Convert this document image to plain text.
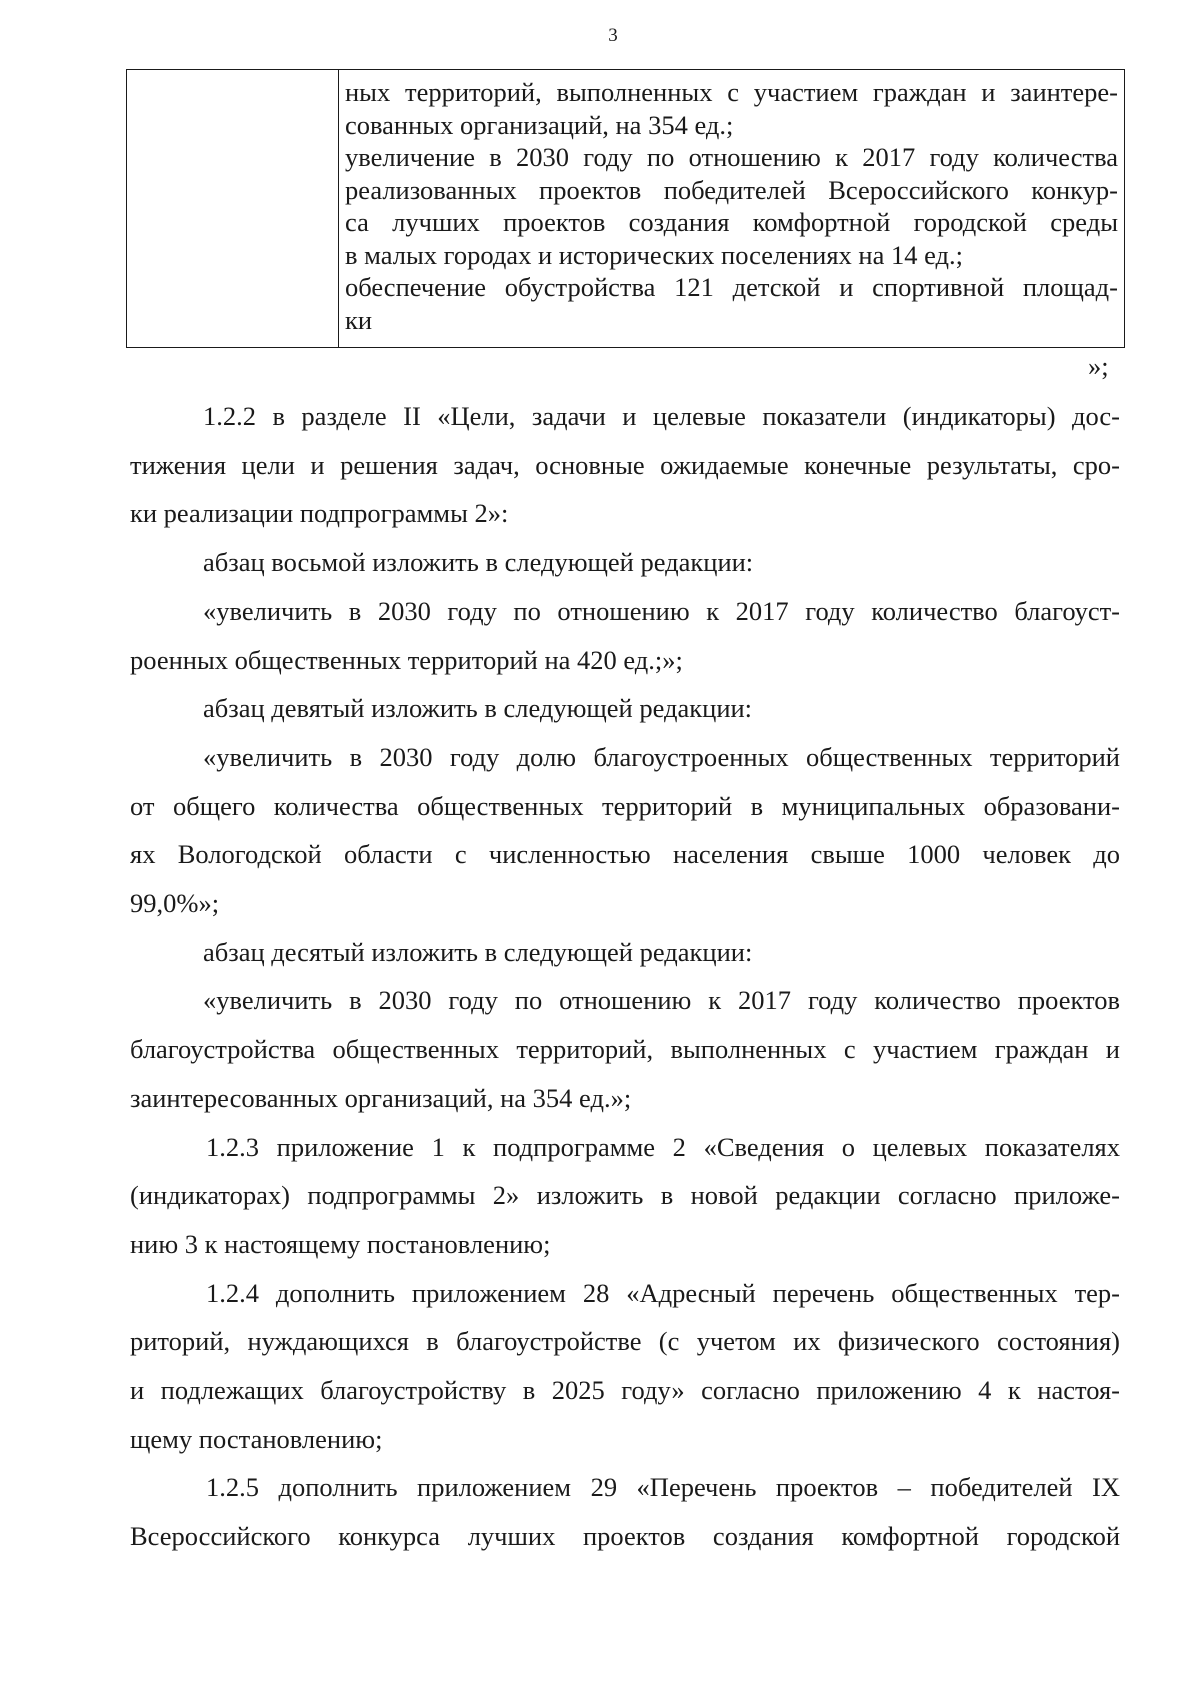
3

ных территорий, выполненных с участием граждан и заинтере-
сованных организаций, на 354 ед.;
увеличение в 2030 году по отношению к 2017 году количества
реализованных проектов победителей Всероссийского конкур-
са лучших проектов создания комфортной городской среды
в малых городах и исторических поселениях на 14 ед.;
обеспечение обустройства 121 детской и спортивной площад-
ки
»;
1.2.2 в разделе II «Цели, задачи и целевые показатели (индикаторы) дос-
тижения цели и решения задач, основные ожидаемые конечные результаты, сро-
ки реализации подпрограммы 2»:
абзац восьмой изложить в следующей редакции:
«увеличить в 2030 году по отношению к 2017 году количество благоуст-
роенных общественных территорий на 420 ед.;»;
абзац девятый изложить в следующей редакции:
«увеличить в 2030 году долю благоустроенных общественных территорий
от общего количества общественных территорий в муниципальных образовани-
ях Вологодской области с численностью населения свыше 1000 человек до
99,0%»;
абзац десятый изложить в следующей редакции:
«увеличить в 2030 году по отношению к 2017 году количество проектов
благоустройства общественных территорий, выполненных с участием граждан и
заинтересованных организаций, на 354 ед.»;
1.2.3 приложение 1 к подпрограмме 2 «Сведения о целевых показателях
(индикаторах) подпрограммы 2» изложить в новой редакции согласно приложе-
нию 3 к настоящему постановлению;
1.2.4 дополнить приложением 28 «Адресный перечень общественных тер-
риторий, нуждающихся в благоустройстве (с учетом их физического состояния)
и подлежащих благоустройству в 2025 году» согласно приложению 4 к настоя-
щему постановлению;
1.2.5 дополнить приложением 29 «Перечень проектов – победителей IX
Всероссийского конкурса лучших проектов создания комфортной городской
